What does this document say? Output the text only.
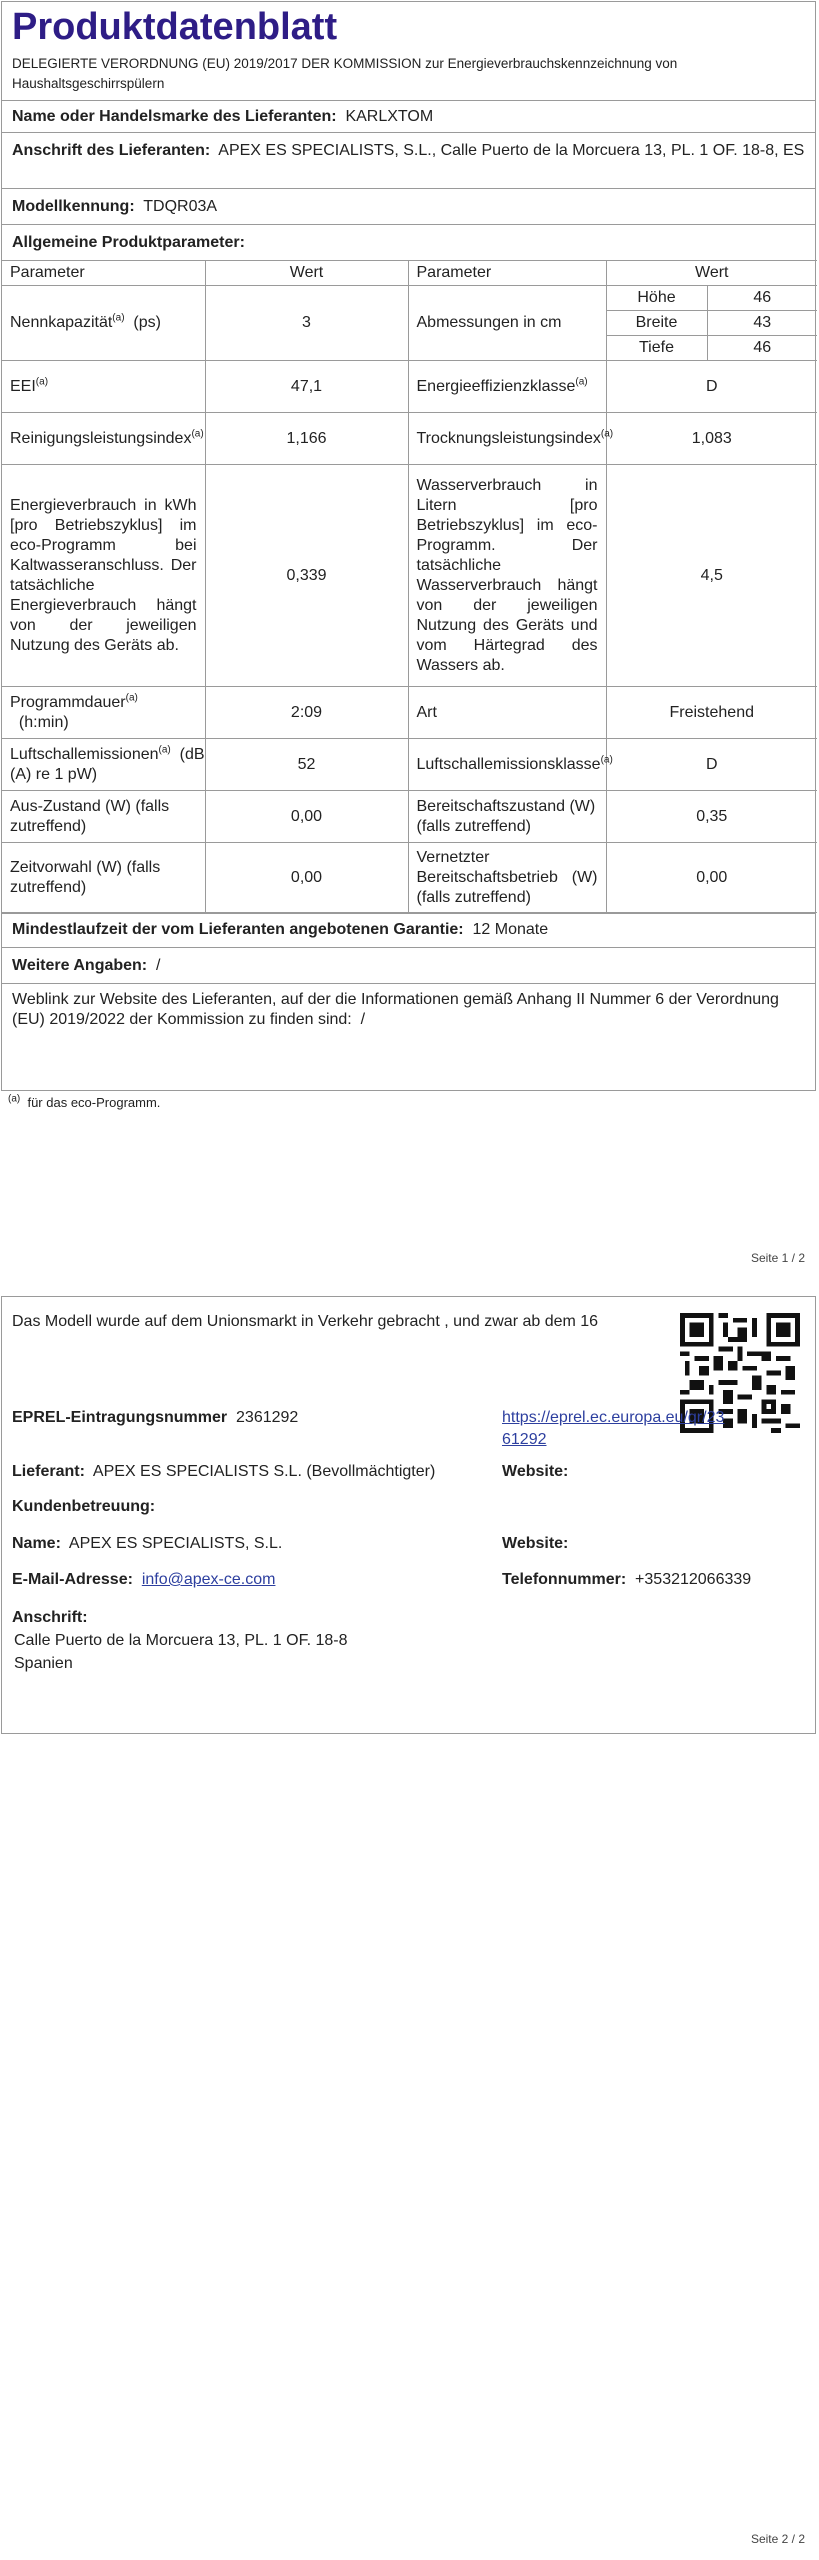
Produktdatenblatt
DELEGIERTE VERORDNUNG (EU) 2019/2017 DER KOMMISSION zur Energieverbrauchskennzeichnung von Haushaltsgeschirrspülern
Name oder Handelsmarke des Lieferanten: KARLXTOM
Anschrift des Lieferanten: APEX ES SPECIALISTS, S.L., Calle Puerto de la Morcuera 13, PL. 1 OF. 18-8, ES
Modellkennung: TDQR03A
Allgemeine Produktparameter:
Parameter	Wert	Parameter	Wert	
Nennkapazität$^{(a)}$ (ps)	3	Abmessungen in cm	Höhe	46
			Breite	43
			Tiefe	46
EEI$^{(a)}$	47,1	Energieeffizienzklasse$^{(a)}$	D	
Reinigungsleistungsindex$^{(a)}$	1,166	Trocknungsleistungsindex$^{(a)}$	1,083	
Energieverbrauch in kWh [pro Betriebszyklus] im eco-Programm bei Kaltwasseranschluss. Der tatsächliche Energieverbrauch hängt von der jeweiligen Nutzung des Geräts ab.	0,339	Wasserverbrauch in Litern [pro Betriebszyklus] im eco-Programm. Der tatsächliche Wasserverbrauch hängt von der jeweiligen Nutzung des Geräts und vom Härtegrad des Wassers ab.	4,5	
Programmdauer$^{(a)}$
(h:min)	2:09	Art	Freistehend	
Luftschallemissionen$^{(a)}$ (dB (A) re 1 pW)	52	Luftschallemissionsklasse$^{(a)}$	D	
Aus-Zustand (W) (falls zutreffend)	0,00	Bereitschaftszustand (W) (falls zutreffend)	0,35	
Zeitvorwahl (W) (falls zutreffend)	0,00	Vernetzter Bereitschaftsbetrieb (W) (falls zutreffend)	0,00	
Mindestlaufzeit der vom Lieferanten angebotenen Garantie: 12 Monate
Weitere Angaben: /
Weblink zur Website des Lieferanten, auf der die Informationen gemäß Anhang II Nummer 6 der Verordnung (EU) 2019/2022 der Kommission zu finden sind: /
$^{(a)}$ für das eco-Programm.
Seite 1 / 2
Das Modell wurde auf dem Unionsmarkt in Verkehr gebracht , und zwar ab dem 16
EPREL-Eintragungsnummer 2361292	https://eprel.ec.europa.eu/qr/23
61292
Lieferant: APEX ES SPECIALISTS S.L. (Bevollmächtigter)	Website:
Kundenbetreuung:
Name: APEX ES SPECIALISTS, S.L.	Website:
E-Mail-Adresse: info@apex-ce.com	Telefonnummer: +353212066339
Anschrift:
Calle Puerto de la Morcuera 13, PL. 1 OF. 18-8
Spanien
Seite 2 / 2
